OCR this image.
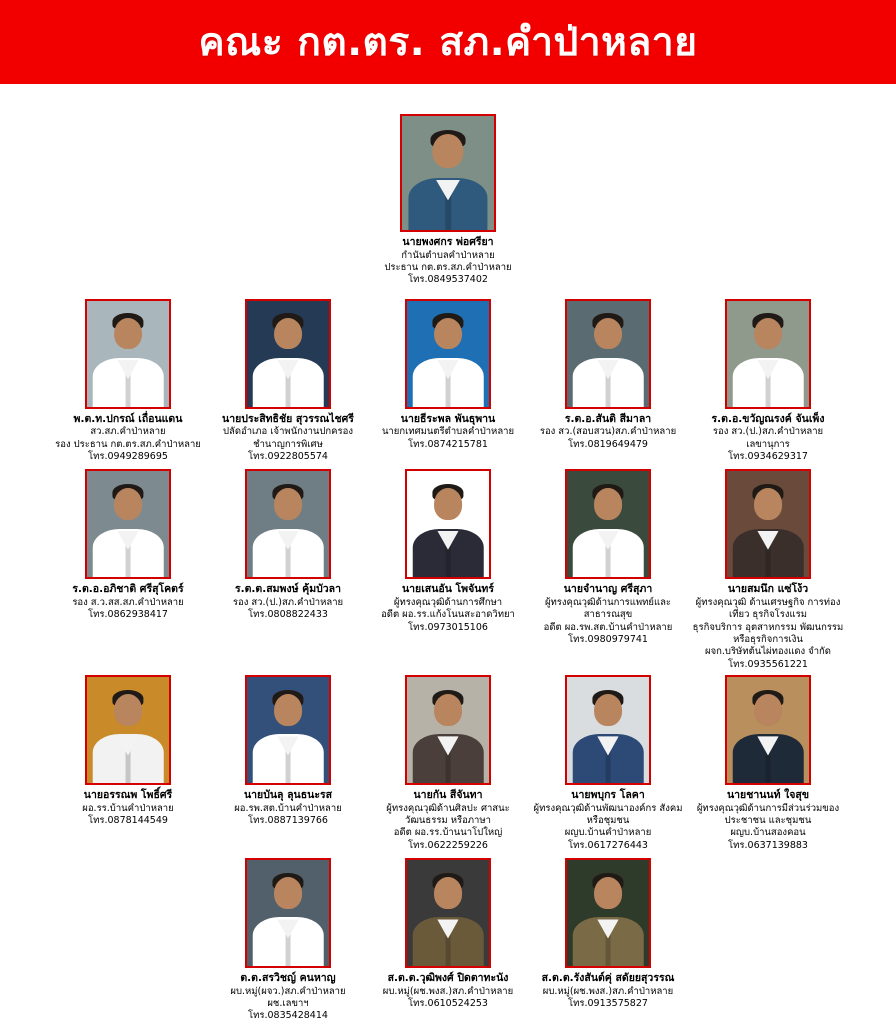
คณะ กต.ตร. สภ.คำป่าหลาย
นายพงศกร พ่อศรียา
กำนันตำบลคำป่าหลาย
ประธาน กต.ตร.สภ.คำป่าหลาย
โทร.0849537402
พ.ต.ท.ปกรณ์ เถื่อนแดน
สว.สภ.คำป่าหลาย
รอง ประธาน กต.ตร.สภ.คำป่าหลาย
โทร.0949289695
นายประสิทธิชัย สุวรรณไชศรี
ปลัดอำเภอ เจ้าพนักงานปกครอง ชำนาญการพิเศษ
โทร.0922805574
นายธีระพล พันธุพาน
นายกเทศมนตรีตำบลคำป่าหลาย
โทร.0874215781
ร.ต.อ.สันติ สีมาลา
รอง สว.(สอบสวน)สภ.คำป่าหลาย
โทร.0819649479
ร.ต.อ.ขวัญณรงค์ จันเพ็ง
รอง สว.(ป.)สภ.คำป่าหลาย
เลขานุการ
โทร.0934629317
ร.ต.อ.อภิชาติ ศรีสุโคตร์
รอง ส.ว.สส.สภ.คำป่าหลาย
โทร.0862938417
ร.ต.ต.สมพงษ์ คุ้มบัวลา
รอง สว.(ป.)สภ.คำป่าหลาย
โทร.0808822433
นายเสนอัน โพจันทร์
ผู้ทรงคุณวุฒิด้านการศึกษา
อดีต ผอ.รร.แก้งโนนสะอาดวิทยา
โทร.0973015106
นายจำนาญ ศรีสุภา
ผู้ทรงคุณวุฒิด้านการแพทย์และสาธารณสุข
อดีต ผอ.รพ.สต.บ้านคำป่าหลาย
โทร.0980979741
นายสมนึก แซ่โง้ว
ผู้ทรงคุณวุฒิ ด้านเศรษฐกิจ การท่องเที่ยว ธุรกิจโรงแรม
ธุรกิจบริการ อุตสาหกรรม พัฒนกรรม หรือธุรกิจการเงิน
ผจก.บริษัทต้นไผ่ทองแดง จำกัด
โทร.0935561221
นายอรรณพ โพธิ์ศรี
ผอ.รร.บ้านคำป่าหลาย
โทร.0878144549
นายบันลุ ลุนธนะรส
ผอ.รพ.สต.บ้านคำป่าหลาย
โทร.0887139766
นายกัน สีจันทา
ผู้ทรงคุณวุฒิด้านศิลปะ ศาสนะ วัฒนธรรม หรือภาษา
อดีต ผอ.รร.บ้านนาโปใหญ่
โทร.0622259226
นายพบุกร โลคา
ผู้ทรงคุณวุฒิด้านพัฒนาองค์กร สังคม หรือชุมชน
ผญบ.บ้านคำป่าหลาย
โทร.0617276443
นายชานนท์ ใจสุข
ผู้ทรงคุณวุฒิด้านการมีส่วนร่วมของประชาชน และชุมชน
ผญบ.บ้านสองคอน
โทร.0637139883
ต.ต.สรวิชญ์ คนหาญ
ผบ.หมู่(ผจว.)สภ.คำป่าหลาย
ผช.เลขาฯ
โทร.0835428414
ส.ต.ต.วุฒิพงศ์ ปิดตาทะนัง
ผบ.หมู่(ผช.พงส.)สภ.คำป่าหลาย
โทร.0610524253
ส.ต.ต.รังสันต์คุ่ สดัยยสุวรรณ
ผบ.หมู่(ผช.พงส.)สภ.คำป่าหลาย
โทร.0913575827
